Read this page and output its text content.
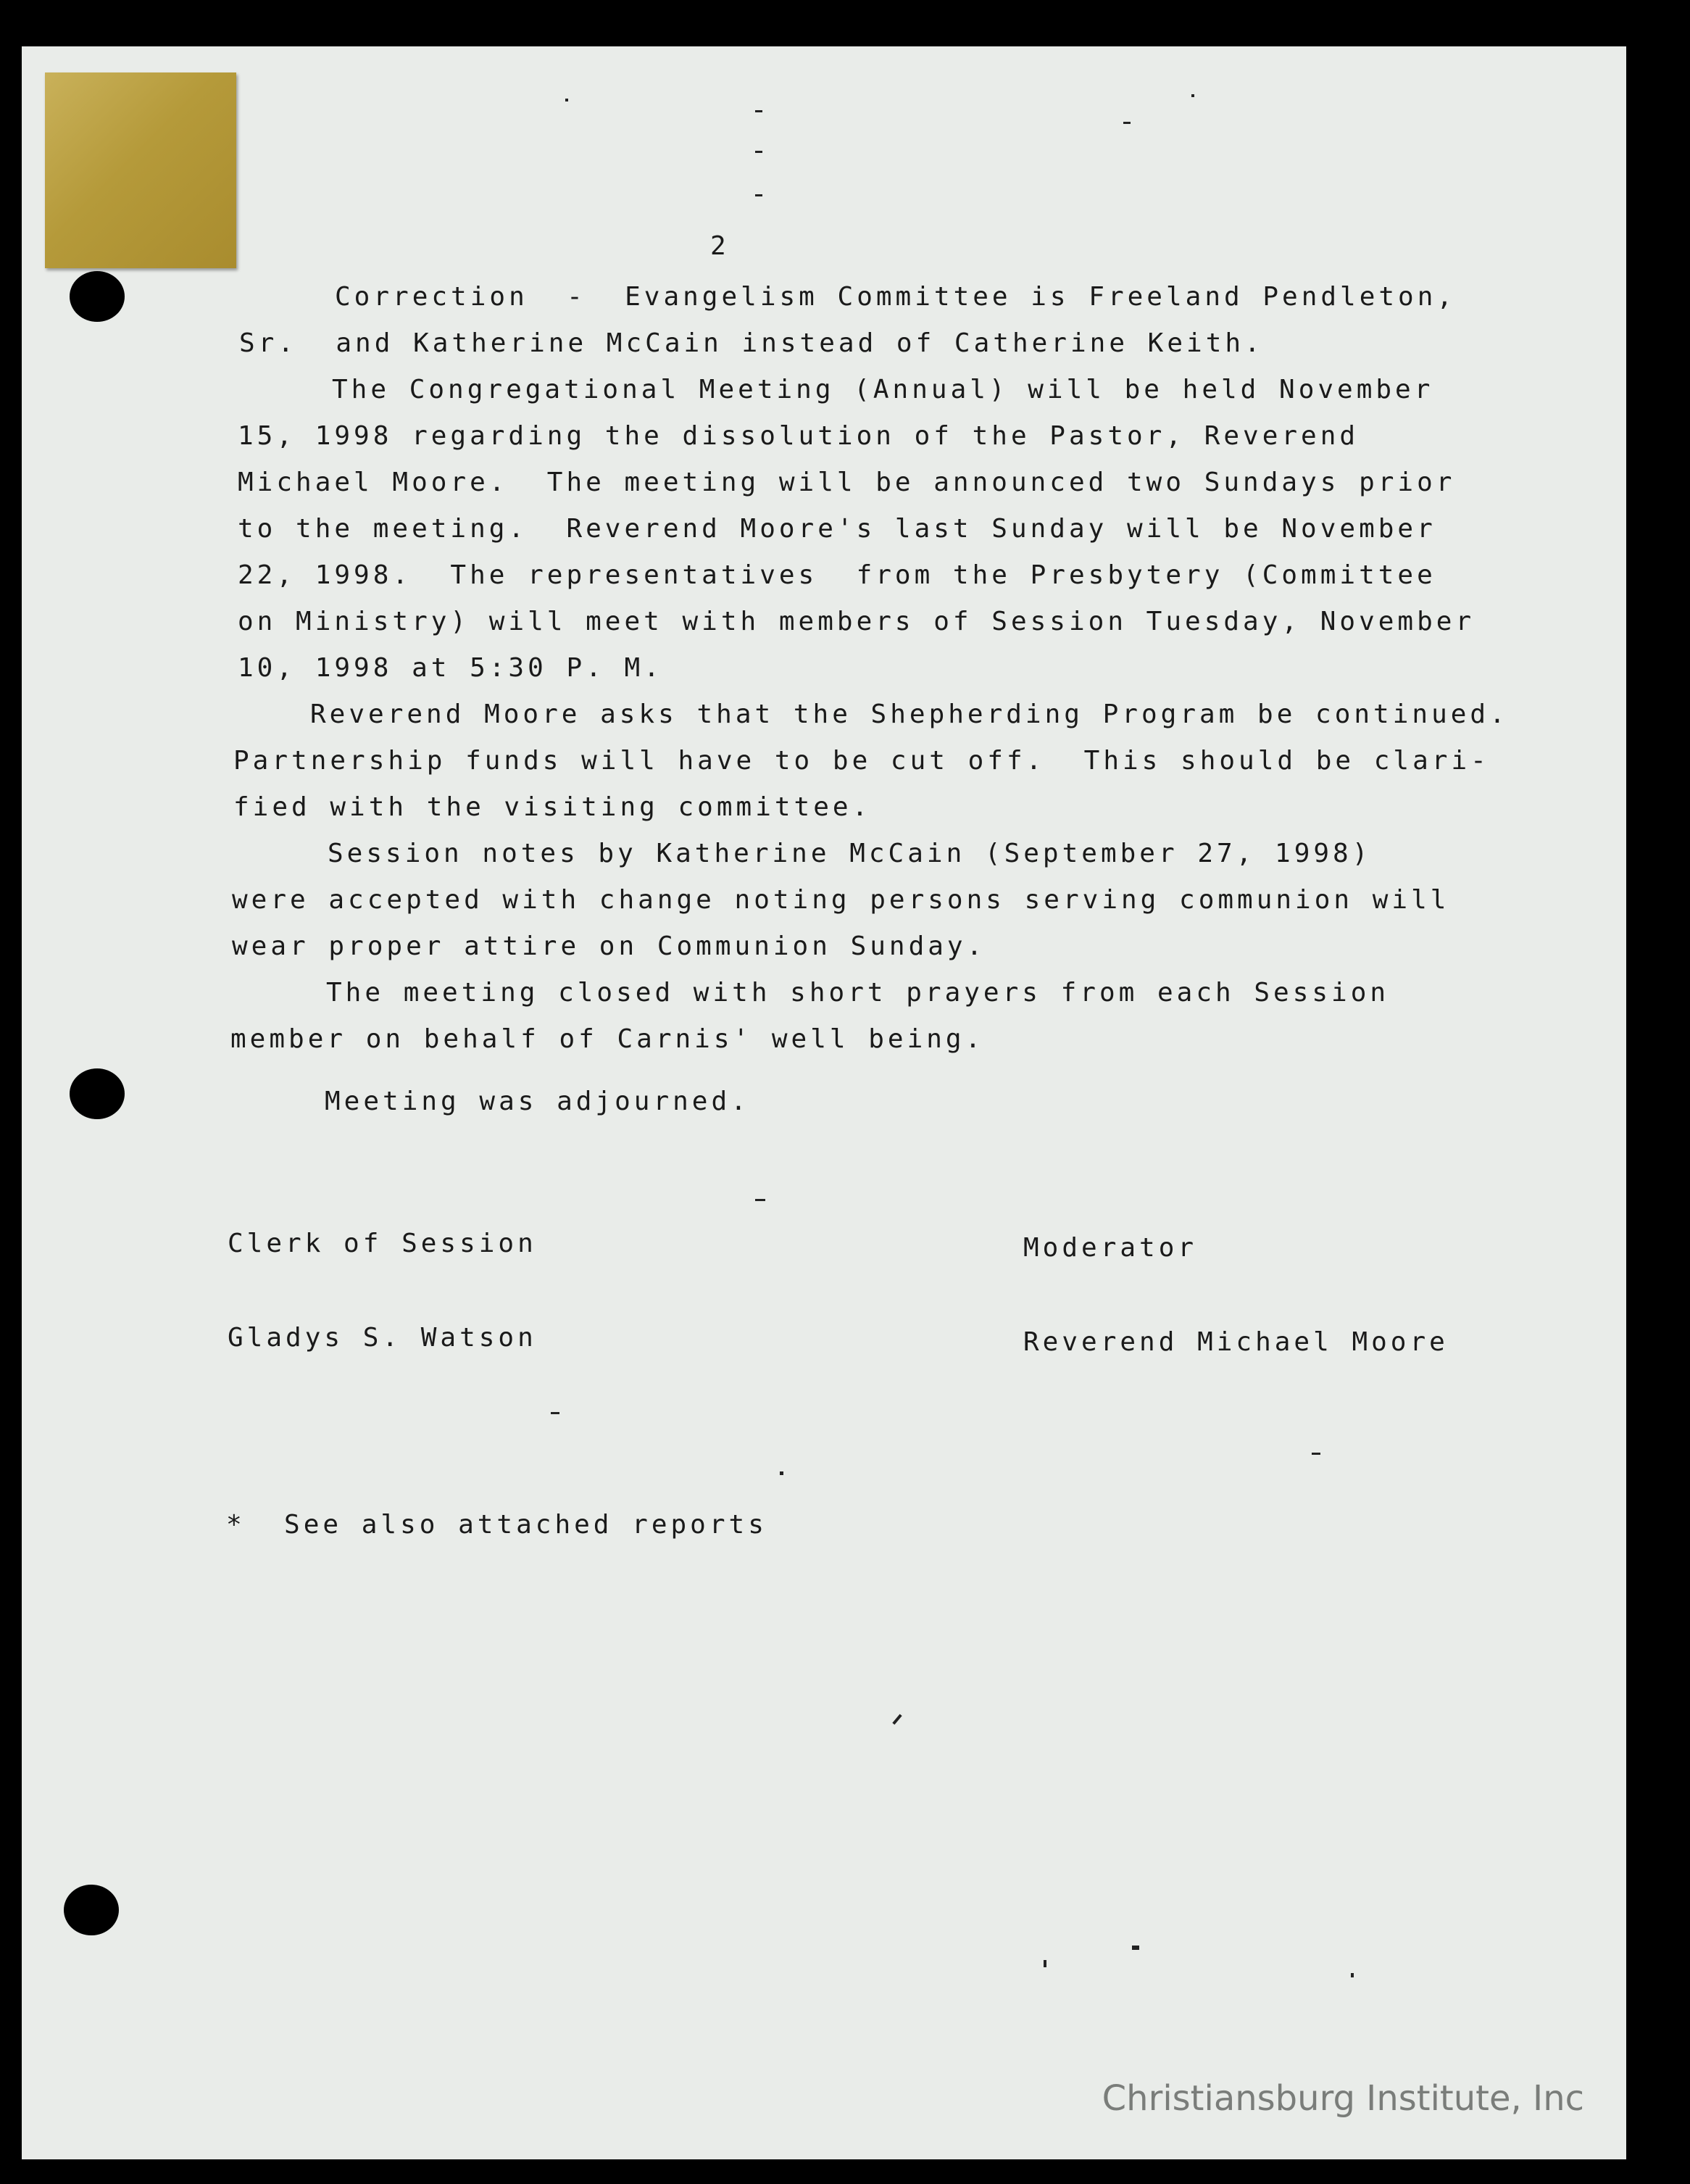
2
Correction  -  Evangelism Committee is Freeland Pendleton,
Sr.  and Katherine McCain instead of Catherine Keith.
The Congregational Meeting (Annual) will be held November
15, 1998 regarding the dissolution of the Pastor, Reverend
Michael Moore.  The meeting will be announced two Sundays prior
to the meeting.  Reverend Moore's last Sunday will be November
22, 1998.  The representatives  from the Presbytery (Committee
on Ministry) will meet with members of Session Tuesday, November
10, 1998 at 5:30 P. M.
Reverend Moore asks that the Shepherding Program be continued.
Partnership funds will have to be cut off.  This should be clari-
fied with the visiting committee.
Session notes by Katherine McCain (September 27, 1998)
were accepted with change noting persons serving communion will
wear proper attire on Communion Sunday.
The meeting closed with short prayers from each Session
member on behalf of Carnis' well being.
Meeting was adjourned.
Clerk of Session	Moderator
Gladys S. Watson	Reverend Michael Moore
*  See also attached reports
Christiansburg Institute, Inc
